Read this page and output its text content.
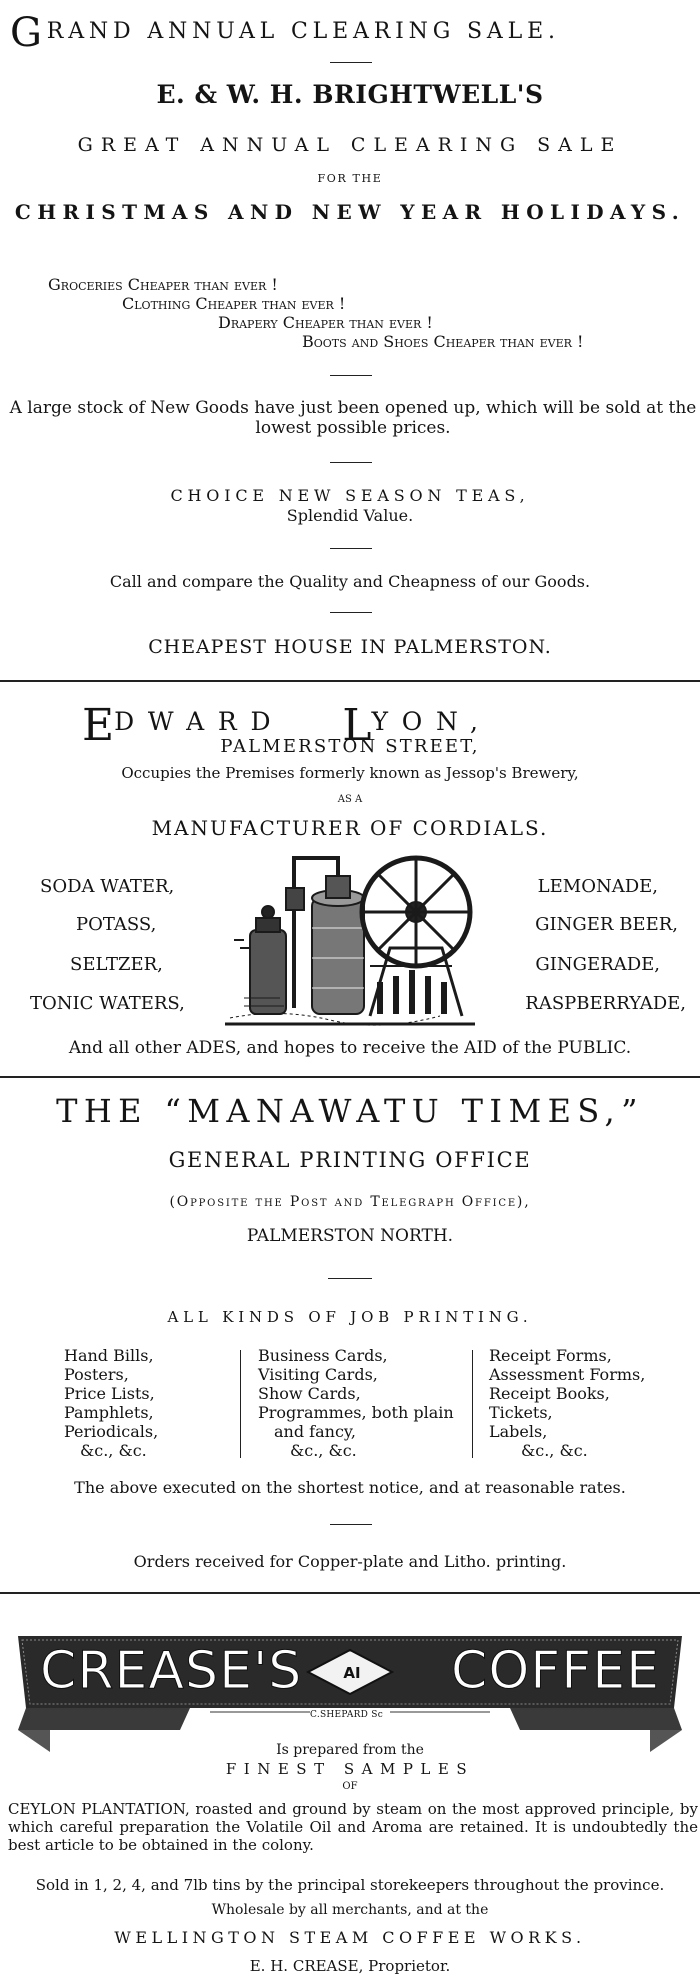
GRAND ANNUAL CLEARING SALE.
E. & W. H. BRIGHTWELL'S
GREAT ANNUAL CLEARING SALE
FOR THE
CHRISTMAS AND NEW YEAR HOLIDAYS.
Groceries Cheaper than ever !
Clothing Cheaper than ever !
Drapery Cheaper than ever !
Boots and Shoes Cheaper than ever !
A large stock of New Goods have just been opened up, which will be sold at the lowest possible prices.
CHOICE NEW SEASON TEAS,
Splendid Value.
Call and compare the Quality and Cheapness of our Goods.
CHEAPEST HOUSE IN PALMERSTON.
EDWARD LYON,
PALMERSTON STREET,
Occupies the Premises formerly known as Jessop's Brewery,
AS A
MANUFACTURER OF CORDIALS.
SODA WATER,
POTASS,
SELTZER,
TONIC WATERS,
LEMONADE,
GINGER BEER,
GINGERADE,
RASPBERRYADE,
And all other ADES, and hopes to receive the AID of the PUBLIC.
THE “MANAWATU TIMES,”
GENERAL PRINTING OFFICE
(Opposite the Post and Telegraph Office),
PALMERSTON NORTH.
ALL KINDS OF JOB PRINTING.
Hand Bills,
Posters,
Price Lists,
Pamphlets,
Periodicals,
 &c., &c.
Business Cards,
Visiting Cards,
Show Cards,
Programmes, both plain
 and fancy,
  &c., &c.
Receipt Forms,
Assessment Forms,
Receipt Books,
Tickets,
Labels,
  &c., &c.
The above executed on the shortest notice, and at reasonable rates.
Orders received for Copper-plate and Litho. printing.
CREASE'S	COFFEE
AI
C.SHEPARD Sc
Is prepared from the
FINEST SAMPLES
OF
CEYLON PLANTATION, roasted and ground by steam on the most approved principle, by which careful preparation the Volatile Oil and Aroma are retained. It is undoubtedly the best article to be obtained in the colony.
Sold in 1, 2, 4, and 7lb tins by the principal storekeepers throughout the province.
Wholesale by all merchants, and at the
WELLINGTON STEAM COFFEE WORKS.
E. H. CREASE, Proprietor.
